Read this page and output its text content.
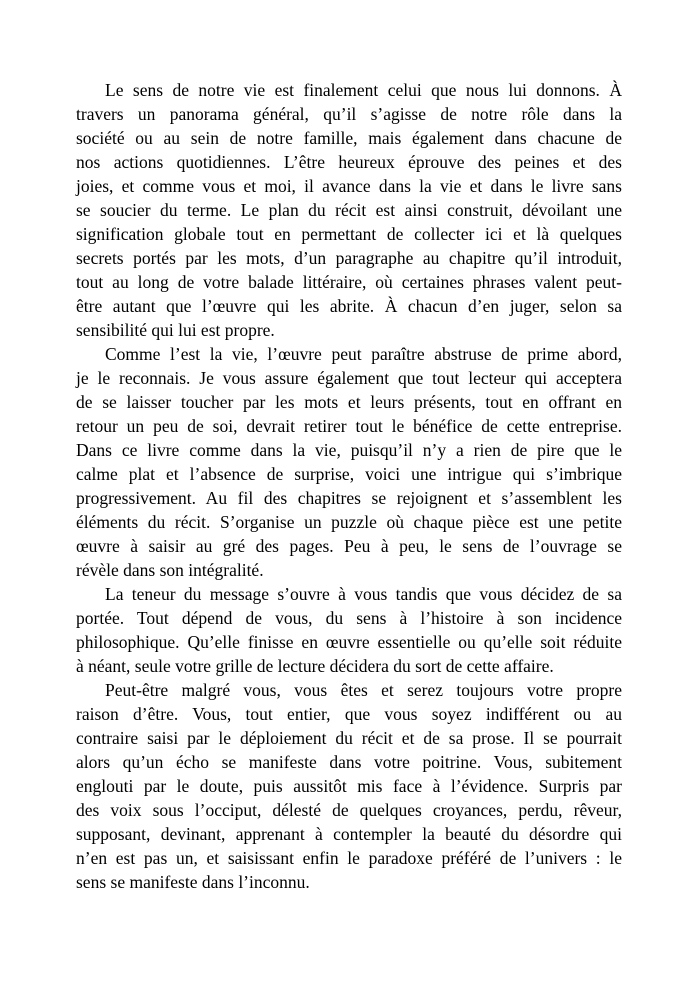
Le sens de notre vie est finalement celui que nous lui donnons. À
travers un panorama général, qu’il s’agisse de notre rôle dans la
société ou au sein de notre famille, mais également dans chacune de
nos actions quotidiennes. L’être heureux éprouve des peines et des
joies, et comme vous et moi, il avance dans la vie et dans le livre sans
se soucier du terme. Le plan du récit est ainsi construit, dévoilant une
signification globale tout en permettant de collecter ici et là quelques
secrets portés par les mots, d’un paragraphe au chapitre qu’il introduit,
tout au long de votre balade littéraire, où certaines phrases valent peut-
être autant que l’œuvre qui les abrite. À chacun d’en juger, selon sa
sensibilité qui lui est propre.
Comme l’est la vie, l’œuvre peut paraître abstruse de prime abord,
je le reconnais. Je vous assure également que tout lecteur qui acceptera
de se laisser toucher par les mots et leurs présents, tout en offrant en
retour un peu de soi, devrait retirer tout le bénéfice de cette entreprise.
Dans ce livre comme dans la vie, puisqu’il n’y a rien de pire que le
calme plat et l’absence de surprise, voici une intrigue qui s’imbrique
progressivement. Au fil des chapitres se rejoignent et s’assemblent les
éléments du récit. S’organise un puzzle où chaque pièce est une petite
œuvre à saisir au gré des pages. Peu à peu, le sens de l’ouvrage se
révèle dans son intégralité.
La teneur du message s’ouvre à vous tandis que vous décidez de sa
portée. Tout dépend de vous, du sens à l’histoire à son incidence
philosophique. Qu’elle finisse en œuvre essentielle ou qu’elle soit réduite
à néant, seule votre grille de lecture décidera du sort de cette affaire.
Peut-être malgré vous, vous êtes et serez toujours votre propre
raison d’être. Vous, tout entier, que vous soyez indifférent ou au
contraire saisi par le déploiement du récit et de sa prose. Il se pourrait
alors qu’un écho se manifeste dans votre poitrine. Vous, subitement
englouti par le doute, puis aussitôt mis face à l’évidence. Surpris par
des voix sous l’occiput, délesté de quelques croyances, perdu, rêveur,
supposant, devinant, apprenant à contempler la beauté du désordre qui
n’en est pas un, et saisissant enfin le paradoxe préféré de l’univers : le
sens se manifeste dans l’inconnu.
